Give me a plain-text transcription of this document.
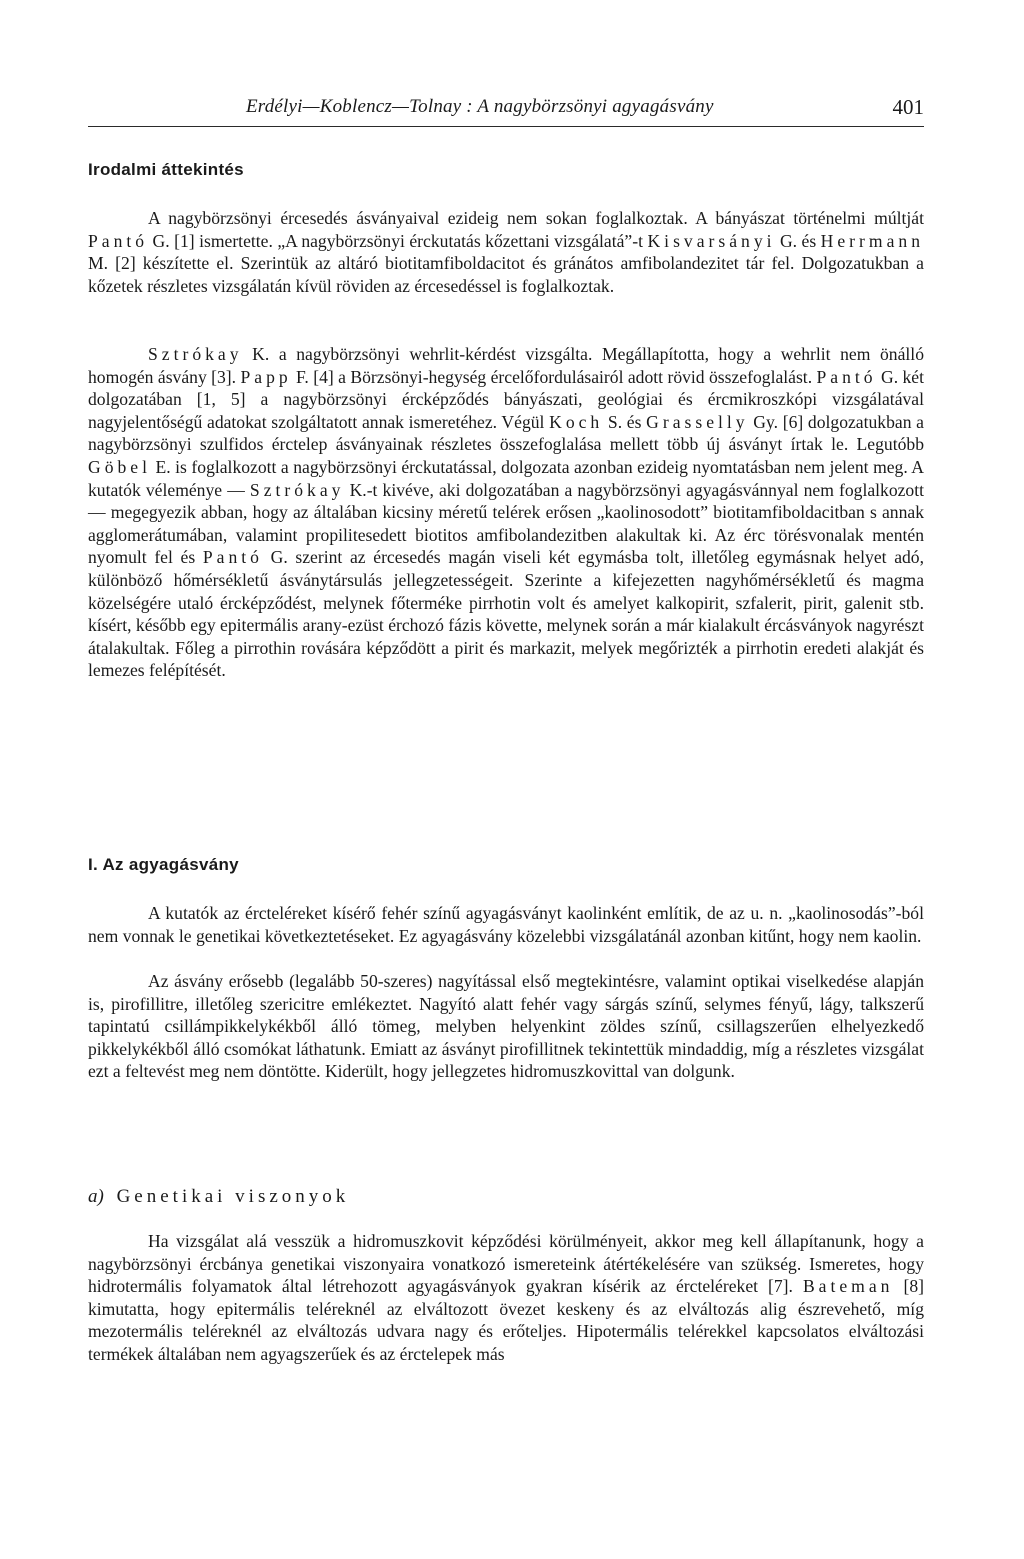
Erdélyi—Koblencz—Tolnay : A nagybörzsönyi agyagásvány	401
Irodalmi áttekintés

A nagybörzsönyi ércesedés ásványaival ezideig nem sokan foglalkoztak. A bányászat történelmi múltját Pantó G. [1] ismertette. „A nagybörzsönyi érckutatás kőzettani vizsgálatá”-t Kisvarsányi G. és Herrmann M. [2] készítette el. Szerintük az altáró biotitamfiboldacitot és gránátos amfibolandezitet tár fel. Dolgozatukban a kőzetek részletes vizsgálatán kívül röviden az ércesedéssel is foglalkoztak.

Sztrókay K. a nagybörzsönyi wehrlit-kérdést vizsgálta. Megállapította, hogy a wehrlit nem önálló homogén ásvány [3]. Papp F. [4] a Börzsönyi-hegység ércelőfordulásairól adott rövid összefoglalást. Pantó G. két dolgozatában [1, 5] a nagybörzsönyi ércképződés bányászati, geológiai és ércmikroszkópi vizsgálatával nagyjelentőségű adatokat szolgáltatott annak ismeretéhez. Végül Koch S. és Grasselly Gy. [6] dolgozatukban a nagybörzsönyi szulfidos érctelep ásványainak részletes összefoglalása mellett több új ásványt írtak le. Legutóbb Göbel E. is foglalkozott a nagybörzsönyi érckutatással, dolgozata azonban ezideig nyomtatásban nem jelent meg. A kutatók véleménye — Sztrókay K.-t kivéve, aki dolgozatában a nagybörzsönyi agyagásvánnyal nem foglalkozott — megegyezik abban, hogy az általában kicsiny méretű telérek erősen „kaolinosodott” biotitamfiboldacitban s annak agglomerátumában, valamint propilitesedett biotitos amfibolandezitben alakultak ki. Az érc törésvonalak mentén nyomult fel és Pantó G. szerint az ércesedés magán viseli két egymásba tolt, illetőleg egymásnak helyet adó, különböző hőmérsékletű ásványtársulás jellegzetességeit. Szerinte a kifejezetten nagyhőmérsékletű és magma közelségére utaló ércképződést, melynek főterméke pirrhotin volt és amelyet kalkopirit, szfalerit, pirit, galenit stb. kísért, később egy epitermális arany-ezüst érchozó fázis követte, melynek során a már kialakult ércásványok nagyrészt átalakultak. Főleg a pirrothin rovására képződött a pirit és markazit, melyek megőrizték a pirrhotin eredeti alakját és lemezes felépítését.

I. Az agyagásvány

A kutatók az ércteléreket kísérő fehér színű agyagásványt kaolinként említik, de az u. n. „kaolinosodás”-ból nem vonnak le genetikai következtetéseket. Ez agyagásvány közelebbi vizsgálatánál azonban kitűnt, hogy nem kaolin.

Az ásvány erősebb (legalább 50-szeres) nagyítással első megtekintésre, valamint optikai viselkedése alapján is, pirofillitre, illetőleg szericitre emlékeztet. Nagyító alatt fehér vagy sárgás színű, selymes fényű, lágy, talkszerű tapintatú csillámpikkelykékből álló tömeg, melyben helyenkint zöldes színű, csillagszerűen elhelyezkedő pikkelykékből álló csomókat láthatunk. Emiatt az ásványt pirofillitnek tekintettük mindaddig, míg a részletes vizsgálat ezt a feltevést meg nem döntötte. Kiderült, hogy jellegzetes hidromuszkovittal van dolgunk.

a) Genetikai viszonyok

Ha vizsgálat alá vesszük a hidromuszkovit képződési körülményeit, akkor meg kell állapítanunk, hogy a nagybörzsönyi ércbánya genetikai viszonyaira vonatkozó ismereteink átértékelésére van szükség. Ismeretes, hogy hidrotermális folyamatok által létrehozott agyagásványok gyakran kísérik az ércteléreket [7]. Bateman [8] kimutatta, hogy epitermális teléreknél az elváltozott övezet keskeny és az elváltozás alig észrevehető, míg mezotermális teléreknél az elváltozás udvara nagy és erőteljes. Hipotermális telérekkel kapcsolatos elváltozási termékek általában nem agyagszerűek és az érctelepek más
